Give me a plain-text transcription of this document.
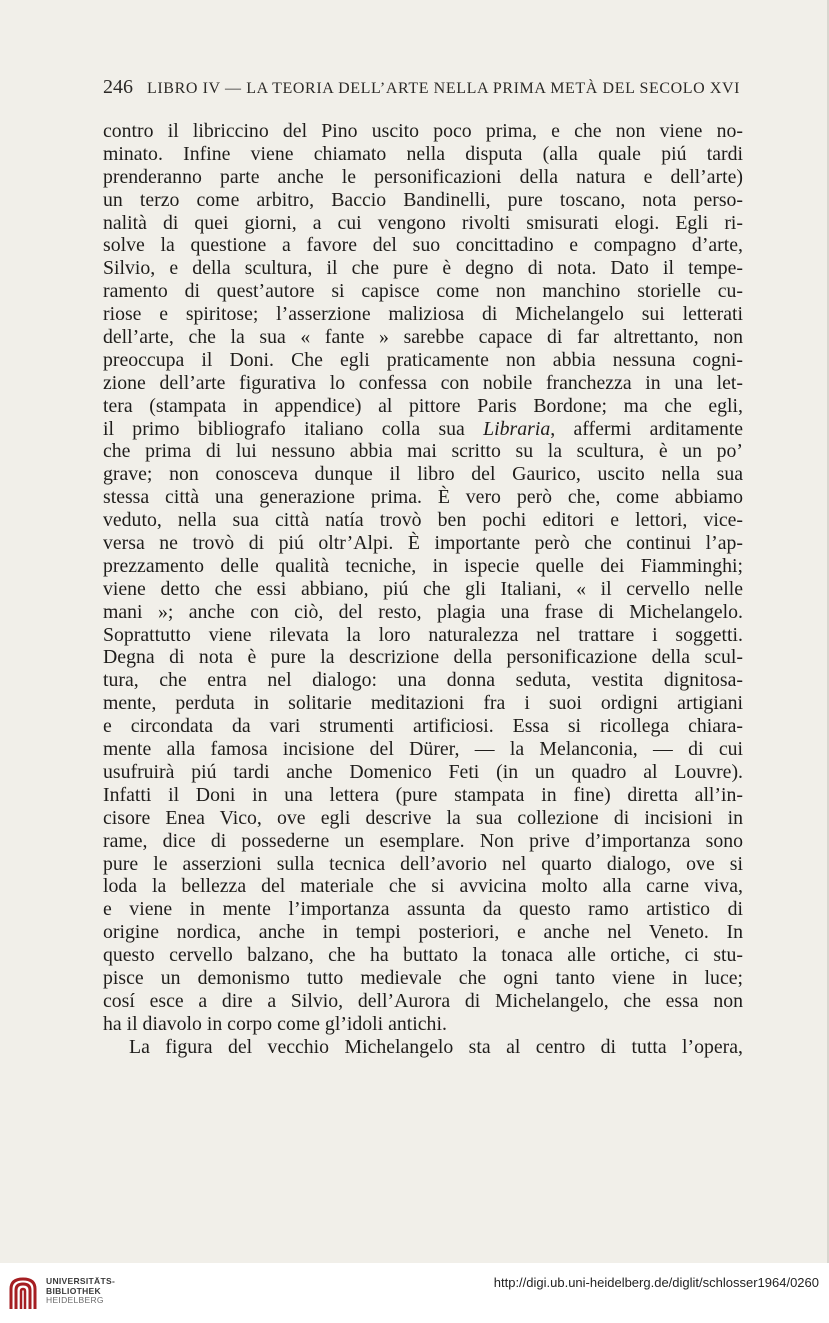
246 LIBRO IV — LA TEORIA DELL’ARTE NELLA PRIMA METÀ DEL SECOLO XVI
contro il libriccino del Pino uscito poco prima, e che non viene no-
minato. Infine viene chiamato nella disputa (alla quale piú tardi
prenderanno parte anche le personificazioni della natura e dell’arte)
un terzo come arbitro, Baccio Bandinelli, pure toscano, nota perso-
nalità di quei giorni, a cui vengono rivolti smisurati elogi. Egli ri-
solve la questione a favore del suo concittadino e compagno d’arte,
Silvio, e della scultura, il che pure è degno di nota. Dato il tempe-
ramento di quest’autore si capisce come non manchino storielle cu-
riose e spiritose; l’asserzione maliziosa di Michelangelo sui letterati
dell’arte, che la sua « fante » sarebbe capace di far altrettanto, non
preoccupa il Doni. Che egli praticamente non abbia nessuna cogni-
zione dell’arte figurativa lo confessa con nobile franchezza in una let-
tera (stampata in appendice) al pittore Paris Bordone; ma che egli,
il primo bibliografo italiano colla sua Libraria, affermi arditamente
che prima di lui nessuno abbia mai scritto su la scultura, è un po’
grave; non conosceva dunque il libro del Gaurico, uscito nella sua
stessa città una generazione prima. È vero però che, come abbiamo
veduto, nella sua città natía trovò ben pochi editori e lettori, vice-
versa ne trovò di piú oltr’Alpi. È importante però che continui l’ap-
prezzamento delle qualità tecniche, in ispecie quelle dei Fiamminghi;
viene detto che essi abbiano, piú che gli Italiani, « il cervello nelle
mani »; anche con ciò, del resto, plagia una frase di Michelangelo.
Soprattutto viene rilevata la loro naturalezza nel trattare i soggetti.
Degna di nota è pure la descrizione della personificazione della scul-
tura, che entra nel dialogo: una donna seduta, vestita dignitosa-
mente, perduta in solitarie meditazioni fra i suoi ordigni artigiani
e circondata da vari strumenti artificiosi. Essa si ricollega chiara-
mente alla famosa incisione del Dürer, — la Melanconia, — di cui
usufruirà piú tardi anche Domenico Feti (in un quadro al Louvre).
Infatti il Doni in una lettera (pure stampata in fine) diretta all’in-
cisore Enea Vico, ove egli descrive la sua collezione di incisioni in
rame, dice di possederne un esemplare. Non prive d’importanza sono
pure le asserzioni sulla tecnica dell’avorio nel quarto dialogo, ove si
loda la bellezza del materiale che si avvicina molto alla carne viva,
e viene in mente l’importanza assunta da questo ramo artistico di
origine nordica, anche in tempi posteriori, e anche nel Veneto. In
questo cervello balzano, che ha buttato la tonaca alle ortiche, ci stu-
pisce un demonismo tutto medievale che ogni tanto viene in luce;
cosí esce a dire a Silvio, dell’Aurora di Michelangelo, che essa non
ha il diavolo in corpo come gl’idoli antichi.
La figura del vecchio Michelangelo sta al centro di tutta l’opera,
UNIVERSITÄTS-
BIBLIOTHEK
HEIDELBERG
http://digi.ub.uni-heidelberg.de/diglit/schlosser1964/0260
